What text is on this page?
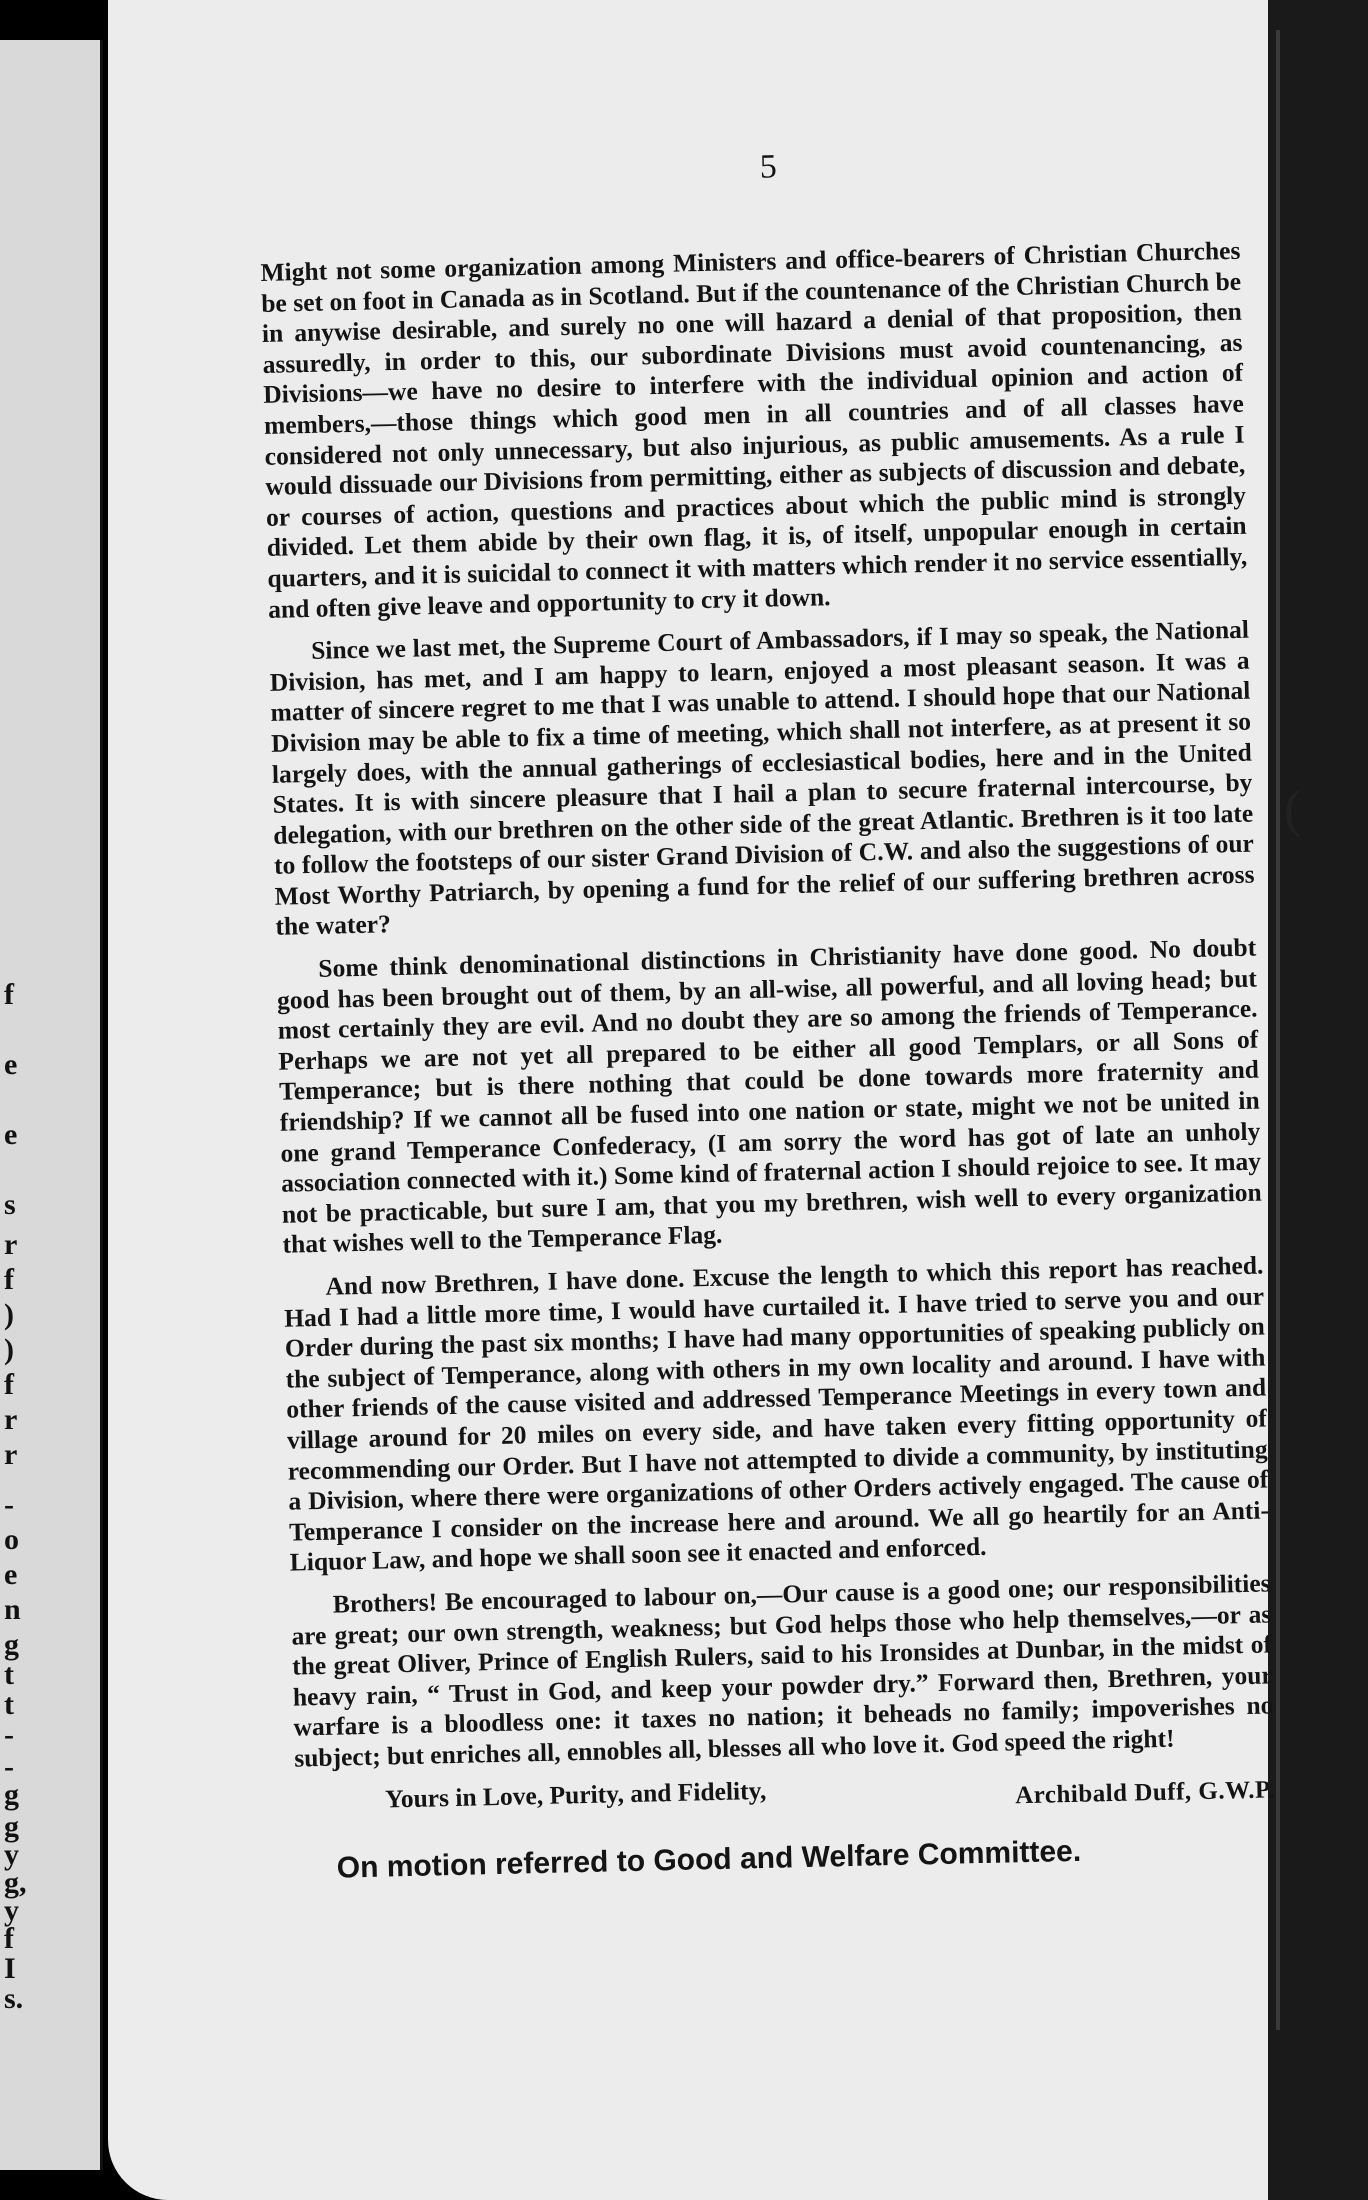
f
e
e
s
r
f
)
)
f
r
r
-
o
e
n
g
t
t
-
-
g
g
y
g,
y
f
I
s.
(
5

Might not some organization among Ministers and office-bearers of Christian Churches be set on foot in Canada as in Scotland. But if the countenance of the Christian Church be in anywise desirable, and surely no one will hazard a denial of that proposition, then assuredly, in order to this, our subordinate Divisions must avoid countenancing, as Divisions—we have no desire to interfere with the individual opinion and action of members,—those things which good men in all countries and of all classes have considered not only unnecessary, but also injurious, as public amusements. As a rule I would dissuade our Divisions from permitting, either as subjects of discussion and debate, or courses of action, questions and practices about which the public mind is strongly divided. Let them abide by their own flag, it is, of itself, unpopular enough in certain quarters, and it is suicidal to connect it with matters which render it no service essentially, and often give leave and opportunity to cry it down.

Since we last met, the Supreme Court of Ambassadors, if I may so speak, the National Division, has met, and I am happy to learn, enjoyed a most pleasant season. It was a matter of sincere regret to me that I was unable to attend. I should hope that our National Division may be able to fix a time of meeting, which shall not interfere, as at present it so largely does, with the annual gatherings of ecclesiastical bodies, here and in the United States. It is with sincere pleasure that I hail a plan to secure fraternal intercourse, by delegation, with our brethren on the other side of the great Atlantic. Brethren is it too late to follow the footsteps of our sister Grand Division of C.W. and also the suggestions of our Most Worthy Patriarch, by opening a fund for the relief of our suffering brethren across the water?

Some think denominational distinctions in Christianity have done good. No doubt good has been brought out of them, by an all-wise, all powerful, and all loving head; but most certainly they are evil. And no doubt they are so among the friends of Temperance. Perhaps we are not yet all prepared to be either all good Templars, or all Sons of Temperance; but is there nothing that could be done towards more fraternity and friendship? If we cannot all be fused into one nation or state, might we not be united in one grand Temperance Confederacy, (I am sorry the word has got of late an unholy association connected with it.) Some kind of fraternal action I should rejoice to see. It may not be practicable, but sure I am, that you my brethren, wish well to every organization that wishes well to the Temperance Flag.

And now Brethren, I have done. Excuse the length to which this report has reached. Had I had a little more time, I would have curtailed it. I have tried to serve you and our Order during the past six months; I have had many opportunities of speaking publicly on the subject of Temperance, along with others in my own locality and around. I have with other friends of the cause visited and addressed Temperance Meetings in every town and village around for 20 miles on every side, and have taken every fitting opportunity of recommending our Order. But I have not attempted to divide a community, by instituting a Division, where there were organizations of other Orders actively engaged. The cause of Temperance I consider on the increase here and around. We all go heartily for an Anti-Liquor Law, and hope we shall soon see it enacted and enforced.

Brothers! Be encouraged to labour on,—Our cause is a good one; our responsibilities are great; our own strength, weakness; but God helps those who help themselves,—or as the great Oliver, Prince of English Rulers, said to his Ironsides at Dunbar, in the midst of heavy rain, “ Trust in God, and keep your powder dry.” Forward then, Brethren, your warfare is a bloodless one: it taxes no nation; it beheads no family; impoverishes no subject; but enriches all, ennobles all, blesses all who love it. God speed the right!

Yours in Love, Purity, and Fidelity,	Archibald Duff, G.W.P.
On motion referred to Good and Welfare Committee.
